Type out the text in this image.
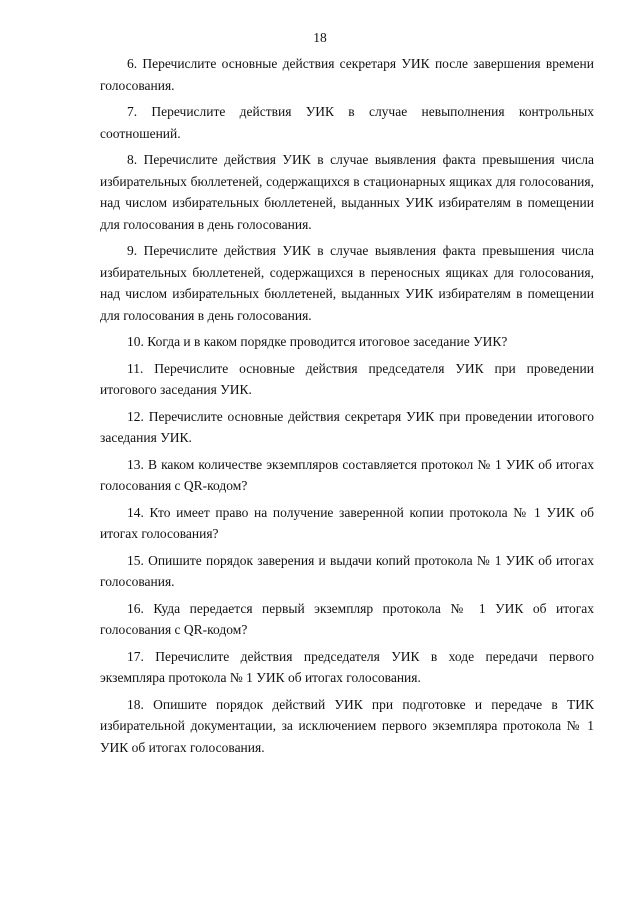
18

6. Перечислите основные действия секретаря УИК после завершения времени голосования.

7. Перечислите действия УИК в случае невыполнения контрольных соотношений.

8. Перечислите действия УИК в случае выявления факта превышения числа избирательных бюллетеней, содержащихся в стационарных ящиках для голосования, над числом избирательных бюллетеней, выданных УИК избирателям в помещении для голосования в день голосования.

9. Перечислите действия УИК в случае выявления факта превышения числа избирательных бюллетеней, содержащихся в переносных ящиках для голосования, над числом избирательных бюллетеней, выданных УИК избирателям в помещении для голосования в день голосования.

10. Когда и в каком порядке проводится итоговое заседание УИК?

11. Перечислите основные действия председателя УИК при проведении итогового заседания УИК.

12. Перечислите основные действия секретаря УИК при проведении итогового заседания УИК.

13. В каком количестве экземпляров составляется протокол № 1 УИК об итогах голосования с QR-кодом?

14. Кто имеет право на получение заверенной копии протокола № 1 УИК об итогах голосования?

15. Опишите порядок заверения и выдачи копий протокола № 1 УИК об итогах голосования.

16. Куда передается первый экземпляр протокола № 1 УИК об итогах голосования с QR-кодом?

17. Перечислите действия председателя УИК в ходе передачи первого экземпляра протокола № 1 УИК об итогах голосования.

18. Опишите порядок действий УИК при подготовке и передаче в ТИК избирательной документации, за исключением первого экземпляра протокола № 1 УИК об итогах голосования.
